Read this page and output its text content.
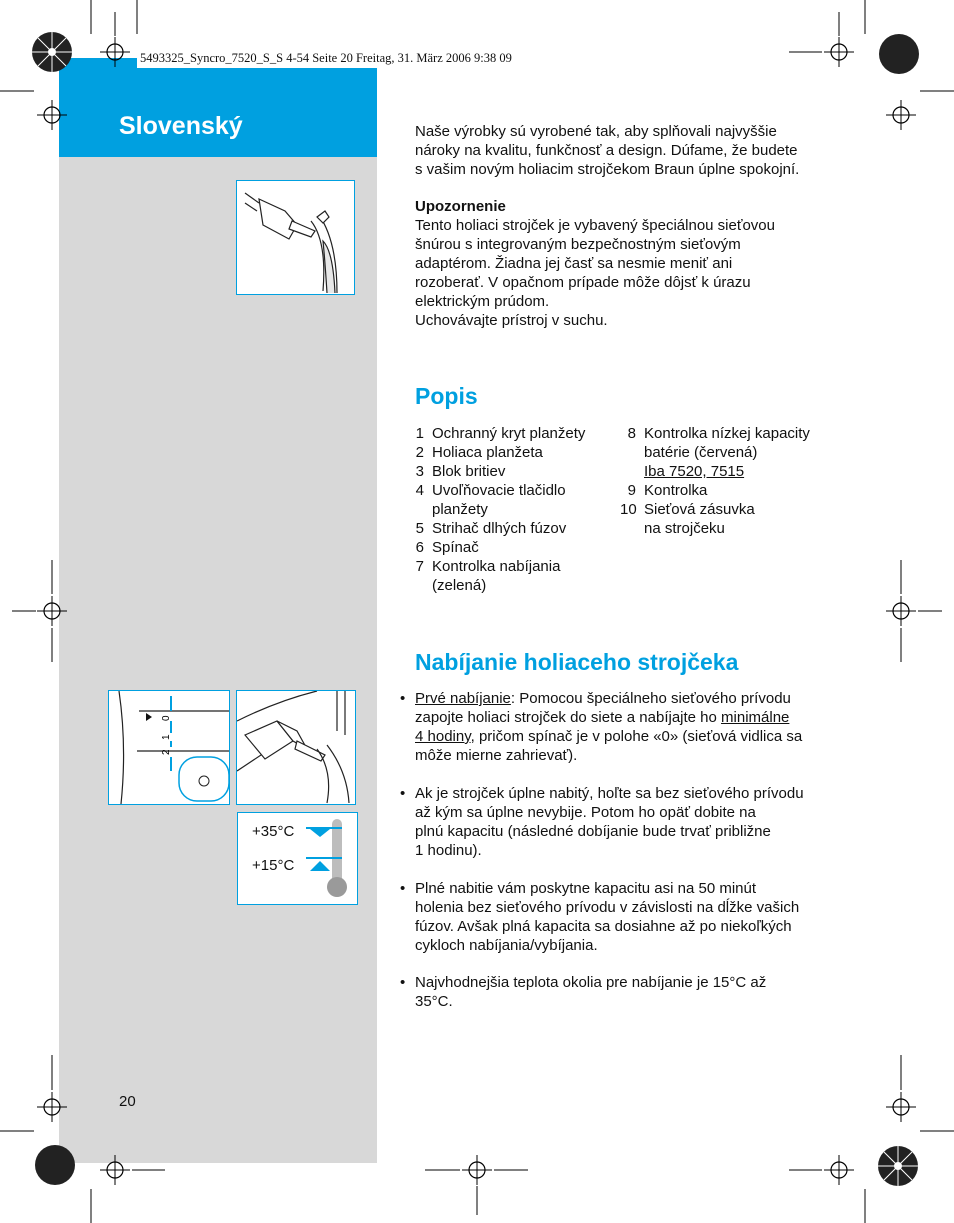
Slovenský
5493325_Syncro_7520_S_S 4-54 Seite 20 Freitag, 31. März 2006 9:38 09
0
1
2
+35°C
+15°C
Naše výrobky sú vyrobené tak, aby splňovali najvyššie
nároky na kvalitu, funkčnosť a design. Dúfame, že budete
s vašim novým holiacim strojčekom Braun úplne spokojní.
Upozornenie
Tento holiaci strojček je vybavený špeciálnou sieťovou
šnúrou s integrovaným bezpečnostným sieťovým
adaptérom. Žiadna jej časť sa nesmie meniť ani
rozoberať. V opačnom prípade môže dôjsť k úrazu
elektrickým prúdom.
Uchovávajte prístroj v suchu.
Popis
1 Ochranný kryt planžety
2 Holiaca planžeta
3 Blok britiev
4 Uvoľňovacie tlačidlo
planžety
5 Strihač dlhých fúzov
6 Spínač
7 Kontrolka nabíjania
(zelená)
8 Kontrolka nízkej kapacity
batérie (červená)
Iba 7520, 7515
9 Kontrolka
10 Sieťová zásuvka
na strojčeku
Nabíjanie holiaceho strojčeka
• Prvé nabíjanie: Pomocou špeciálneho sieťového prívodu
zapojte holiaci strojček do siete a nabíjajte ho minimálne
4 hodiny, pričom spínač je v polohe «0» (sieťová vidlica sa
môže mierne zahrievať).
• Ak je strojček úplne nabitý, hoľte sa bez sieťového prívodu
až kým sa úplne nevybije. Potom ho opäť dobite na
plnú kapacitu (následné dobíjanie bude trvať približne
1 hodinu).
• Plné nabitie vám poskytne kapacitu asi na 50 minút
holenia bez sieťového prívodu v závislosti na dĺžke vašich
fúzov. Avšak plná kapacita sa dosiahne až po niekoľkých
cykloch nabíjania/vybíjania.
• Najvhodnejšia teplota okolia pre nabíjanie je 15°C až
35°C.
20
